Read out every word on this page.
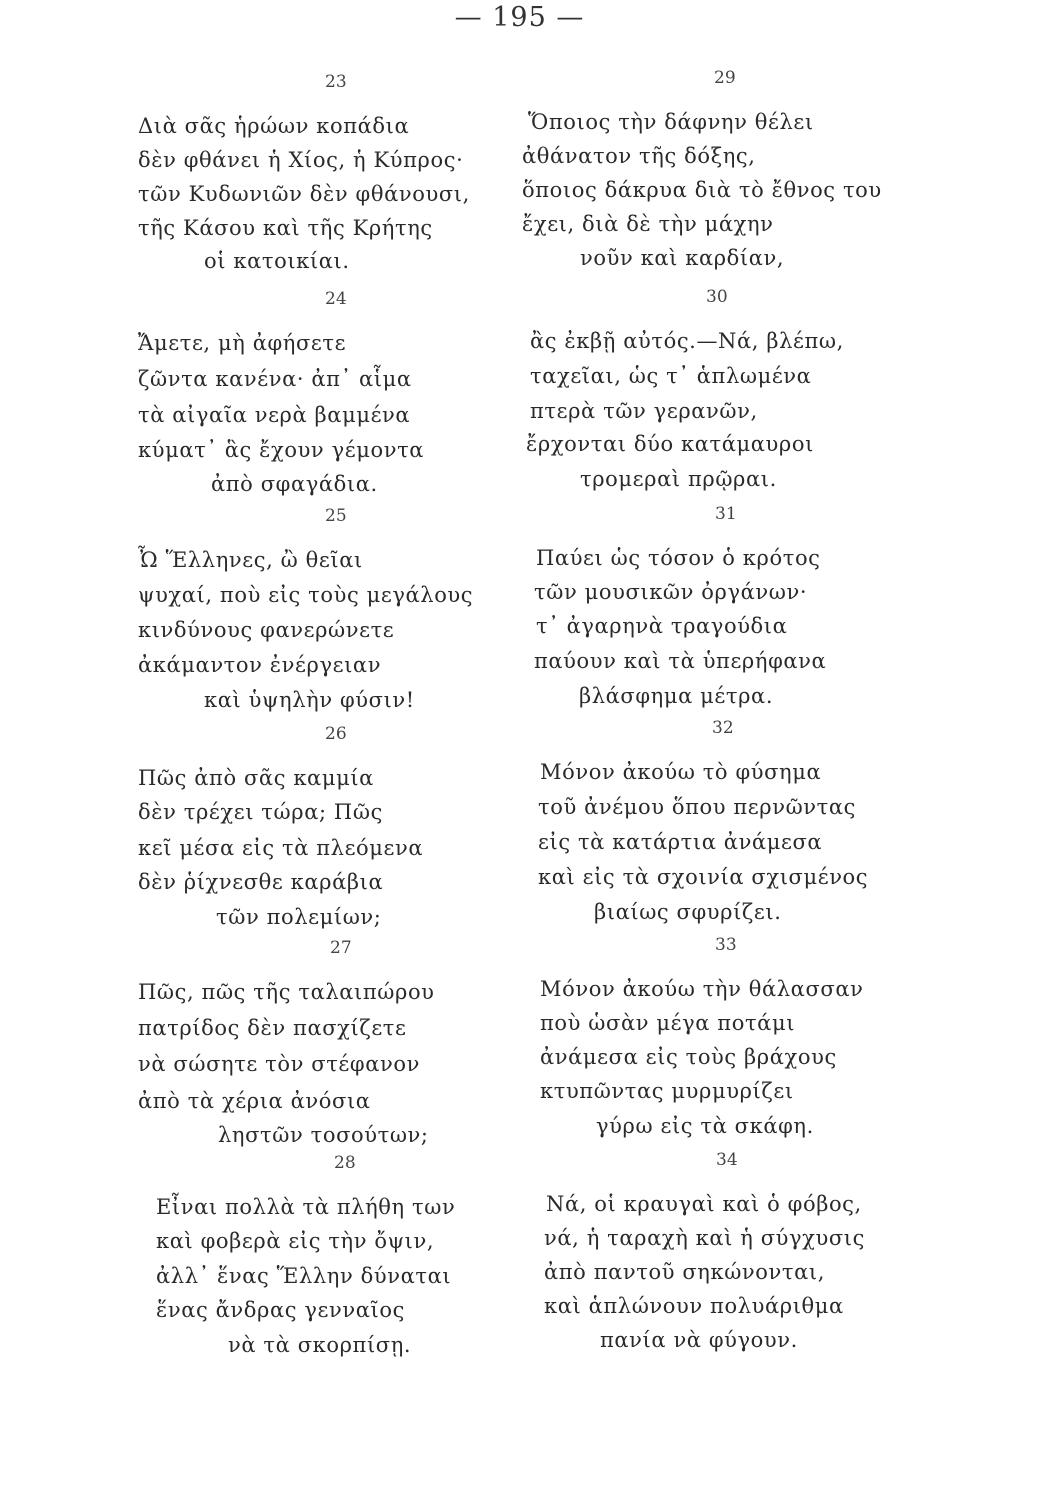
— 195 —
23
Διὰ σᾶς ἡρώων κοπάδια
δὲν φθάνει ἡ Χίος, ἡ Κύπρος·
τῶν Κυδωνιῶν δὲν φθάνουσι,
τῆς Κάσου καὶ τῆς Κρήτης
οἱ κατοικίαι.
24
Ἄμετε, μὴ ἀφήσετε
ζῶντα κανένα· ἀπ᾽ αἷμα
τὰ αἰγαῖα νερὰ βαμμένα
κύματ᾽ ἃς ἔχουν γέμοντα
ἀπὸ σφαγάδια.
25
Ὦ Ἕλληνες, ὢ θεῖαι
ψυχαί, ποὺ εἰς τοὺς μεγάλους
κινδύνους φανερώνετε
ἀκάμαντον ἐνέργειαν
καὶ ὑψηλὴν φύσιν!
26
Πῶς ἀπὸ σᾶς καμμία
δὲν τρέχει τώρα; Πῶς
κεῖ μέσα εἰς τὰ πλεόμενα
δὲν ῥίχνεσθε καράβια
τῶν πολεμίων;
27
Πῶς, πῶς τῆς ταλαιπώρου
πατρίδος δὲν πασχίζετε
νὰ σώσητε τὸν στέφανον
ἀπὸ τὰ χέρια ἀνόσια
ληστῶν τοσούτων;
28
Εἶναι πολλὰ τὰ πλήθη των
καὶ φοβερὰ εἰς τὴν ὄψιν,
ἀλλ᾽ ἕνας Ἕλλην δύναται
ἕνας ἄνδρας γενναῖος
νὰ τὰ σκορπίσῃ.
29
Ὅποιος τὴν δάφνην θέλει
ἀθάνατον τῆς δόξης,
ὅποιος δάκρυα διὰ τὸ ἔθνος του
ἔχει, διὰ δὲ τὴν μάχην
νοῦν καὶ καρδίαν,
30
ἂς ἐκβῇ αὐτός.—Νά, βλέπω,
ταχεῖαι, ὡς τ᾽ ἁπλωμένα
πτερὰ τῶν γερανῶν,
ἔρχονται δύο κατάμαυροι
τρομεραὶ πρῷραι.
31
Παύει ὡς τόσον ὁ κρότος
τῶν μουσικῶν ὀργάνων·
τ᾽ ἀγαρηνὰ τραγούδια
παύουν καὶ τὰ ὑπερήφανα
βλάσφημα μέτρα.
32
Μόνον ἀκούω τὸ φύσημα
τοῦ ἀνέμου ὅπου περνῶντας
εἰς τὰ κατάρτια ἀνάμεσα
καὶ εἰς τὰ σχοινία σχισμένος
βιαίως σφυρίζει.
33
Μόνον ἀκούω τὴν θάλασσαν
ποὺ ὡσὰν μέγα ποτάμι
ἀνάμεσα εἰς τοὺς βράχους
κτυπῶντας μυρμυρίζει
γύρω εἰς τὰ σκάφη.
34
Νά, οἱ κραυγαὶ καὶ ὁ φόβος,
νά, ἡ ταραχὴ καὶ ἡ σύγχυσις
ἀπὸ παντοῦ σηκώνονται,
καὶ ἁπλώνουν πολυάριθμα
πανία νὰ φύγουν.
